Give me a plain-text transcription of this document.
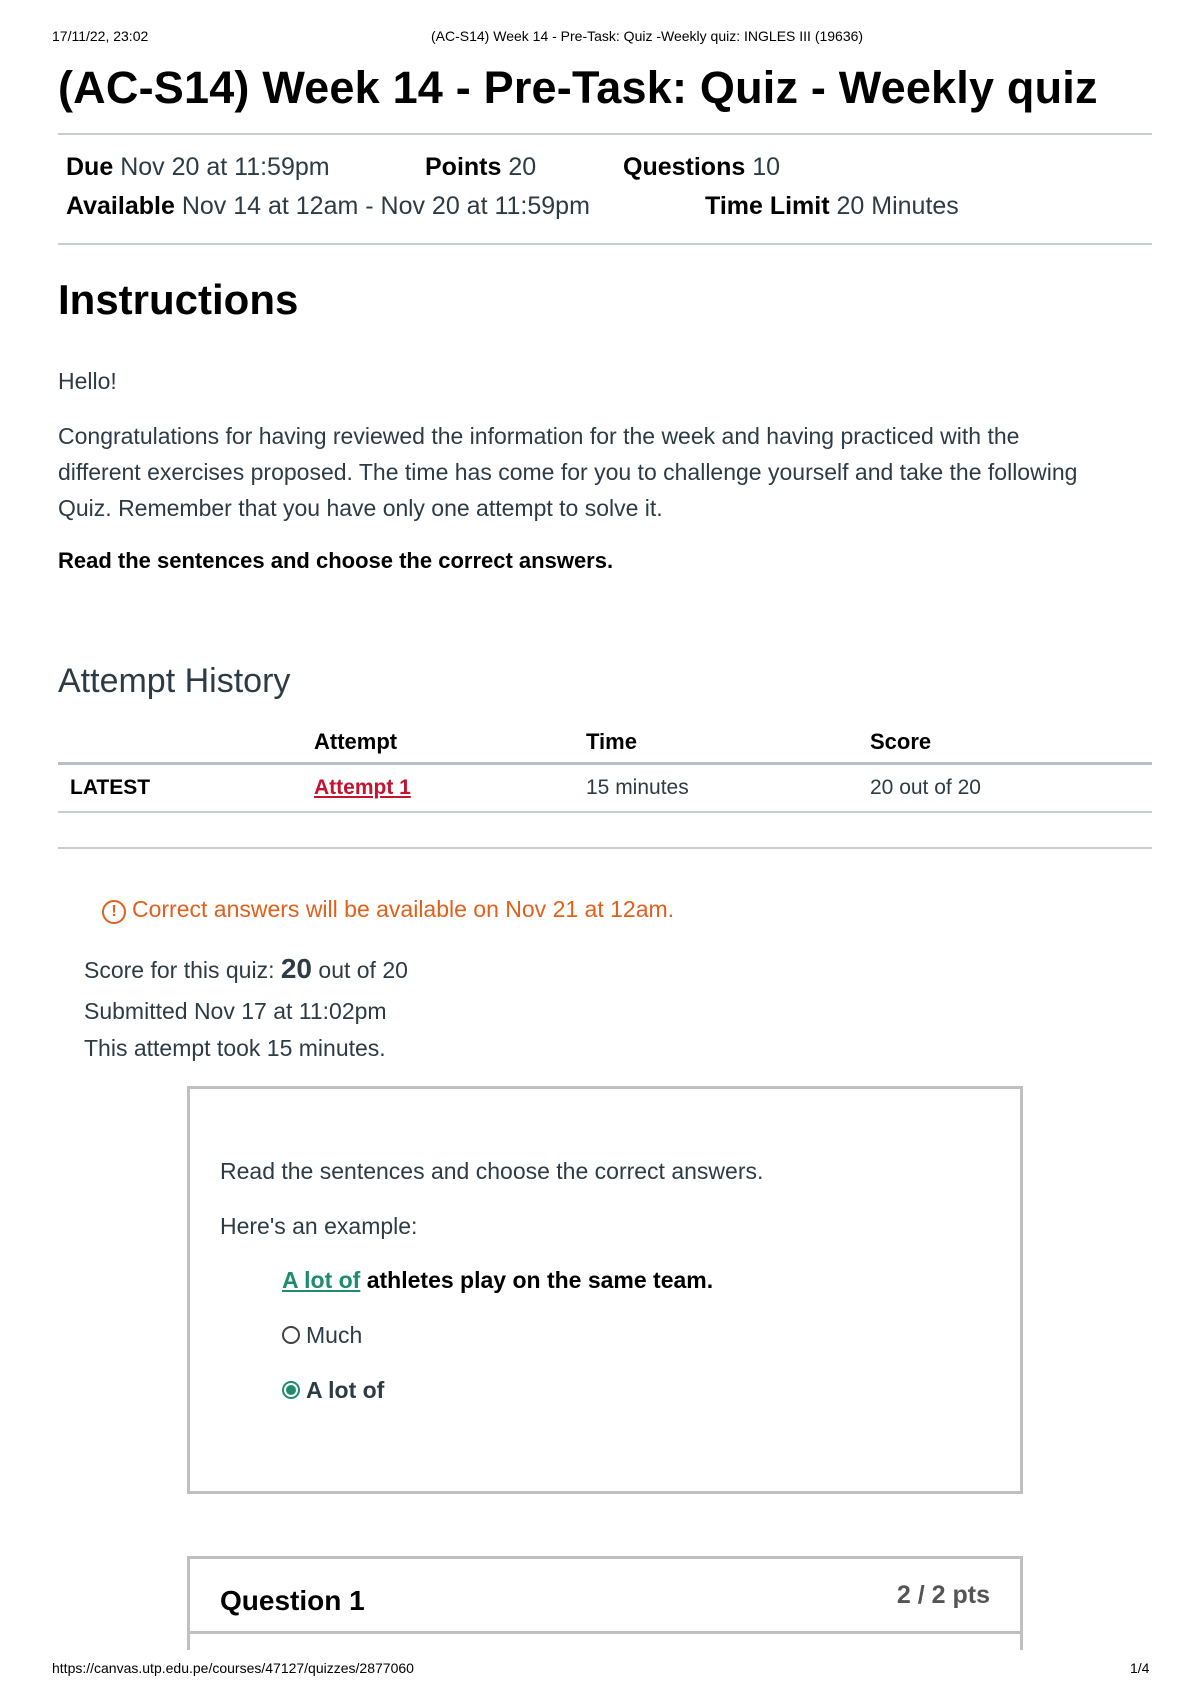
17/11/22, 23:02	(AC-S14) Week 14 - Pre-Task: Quiz -Weekly quiz: INGLES III (19636)
(AC-S14) Week 14 - Pre-Task: Quiz - Weekly quiz
Due Nov 20 at 11:59pm	Points 20	Questions 10
Available Nov 14 at 12am - Nov 20 at 11:59pm	Time Limit 20 Minutes
Instructions
Hello!
Congratulations for having reviewed the information for the week and having practiced with the
different exercises proposed. The time has come for you to challenge yourself and take the following
Quiz. Remember that you have only one attempt to solve it.
Read the sentences and choose the correct answers.
Attempt History
	Attempt	Time	Score
LATEST	Attempt 1	15 minutes	20 out of 20
! Correct answers will be available on Nov 21 at 12am.
Score for this quiz: 20 out of 20
Submitted Nov 17 at 11:02pm
This attempt took 15 minutes.
Read the sentences and choose the correct answers.
Here's an example:
A lot of athletes play on the same team.
Much
A lot of
Question 1	2 / 2 pts
https://canvas.utp.edu.pe/courses/47127/quizzes/2877060	1/4
